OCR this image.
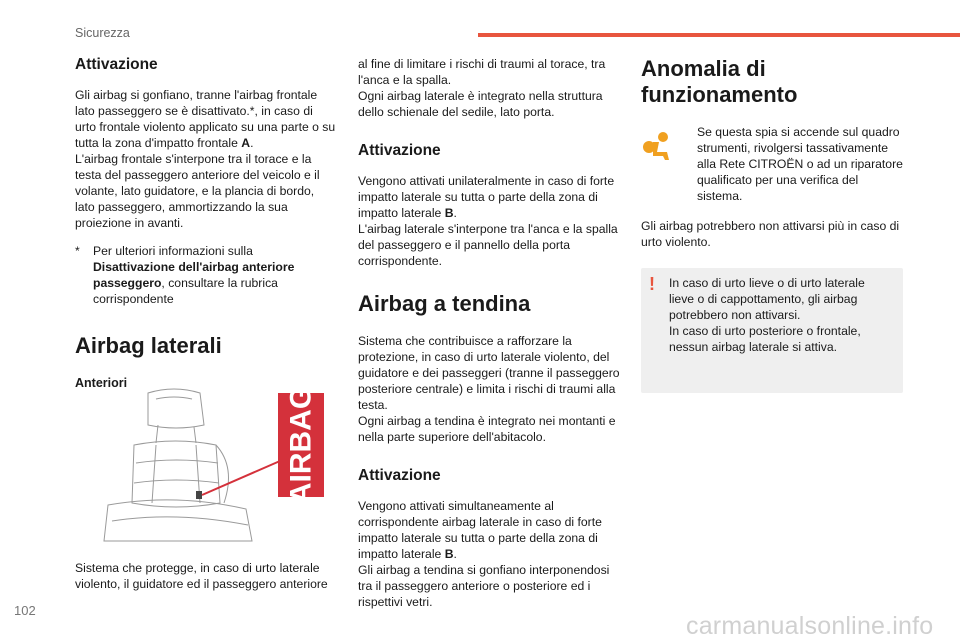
Sicurezza
Attivazione

Gli airbag si gonfiano, tranne l'airbag frontale lato passeggero se è disattivato.*, in caso di urto frontale violento applicato su una parte o su tutta la zona d'impatto frontale A.

L'airbag frontale s'interpone tra il torace e la testa del passeggero anteriore del veicolo e il volante, lato guidatore, e la plancia di bordo, lato passeggero, ammortizzando la sua proiezione in avanti.

*	Per ulteriori informazioni sulla Disattivazione dell'airbag anteriore passeggero, consultare la rubrica corrispondente
Airbag laterali
Anteriori
AIRBAG

Sistema che protegge, in caso di urto laterale violento, il guidatore ed il passeggero anteriore

al fine di limitare i rischi di traumi al torace, tra l'anca e la spalla.

Ogni airbag laterale è integrato nella struttura dello schienale del sedile, lato porta.

Attivazione

Vengono attivati unilateralmente in caso di forte impatto laterale su tutta o parte della zona di impatto laterale B.

L'airbag laterale s'interpone tra l'anca e la spalla del passeggero e il pannello della porta corrispondente.

Airbag a tendina

Sistema che contribuisce a rafforzare la protezione, in caso di urto laterale violento, del guidatore e dei passeggeri (tranne il passeggero posteriore centrale) e limita i rischi di traumi alla testa.

Ogni airbag a tendina è integrato nei montanti e nella parte superiore dell'abitacolo.

Attivazione

Vengono attivati simultaneamente al corrispondente airbag laterale in caso di forte impatto laterale su tutta o parte della zona di impatto laterale B.

Gli airbag a tendina si gonfiano interponendosi tra il passeggero anteriore o posteriore ed i rispettivi vetri.

Anomalia di funzionamento

Se questa spia si accende sul quadro strumenti, rivolgersi tassativamente alla Rete CITROËN o ad un riparatore qualificato per una verifica del sistema.

Gli airbag potrebbero non attivarsi più in caso di urto violento.

!	In caso di urto lieve o di urto laterale lieve o di cappottamento, gli airbag potrebbero non attivarsi.

In caso di urto posteriore o frontale, nessun airbag laterale si attiva.

102
carmanualsonline.info
